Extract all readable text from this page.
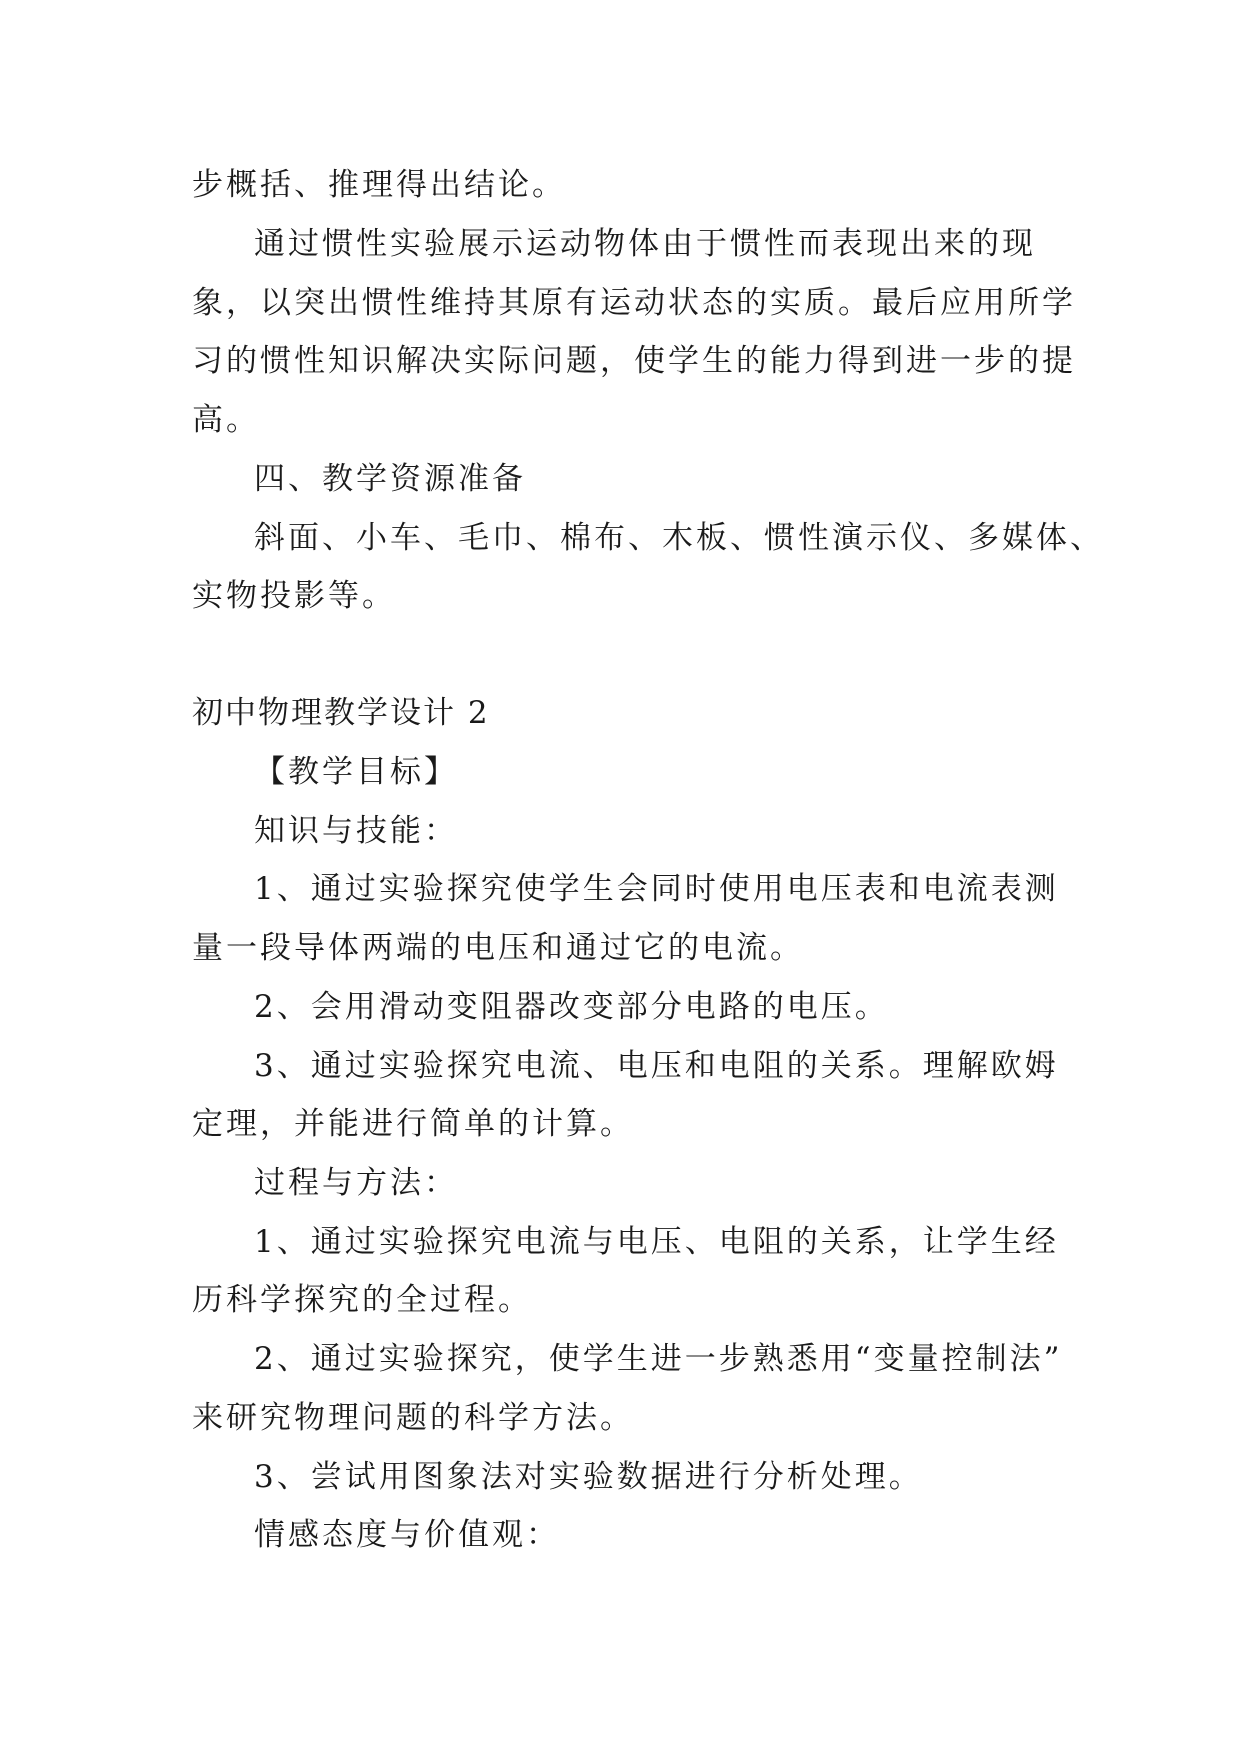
步概括、推理得出结论。
通过惯性实验展示运动物体由于惯性而表现出来的现
象，以突出惯性维持其原有运动状态的实质。最后应用所学
习的惯性知识解决实际问题，使学生的能力得到进一步的提
高。
四、教学资源准备
斜面、小车、毛巾、棉布、木板、惯性演示仪、多媒体、
实物投影等。
初中物理教学设计 2
【教学目标】
知识与技能：
1、通过实验探究使学生会同时使用电压表和电流表测
量一段导体两端的电压和通过它的电流。
2、会用滑动变阻器改变部分电路的电压。
3、通过实验探究电流、电压和电阻的关系。理解欧姆
定理，并能进行简单的计算。
过程与方法：
1、通过实验探究电流与电压、电阻的关系，让学生经
历科学探究的全过程。
2、通过实验探究，使学生进一步熟悉用“变量控制法”
来研究物理问题的科学方法。
3、尝试用图象法对实验数据进行分析处理。
情感态度与价值观：
